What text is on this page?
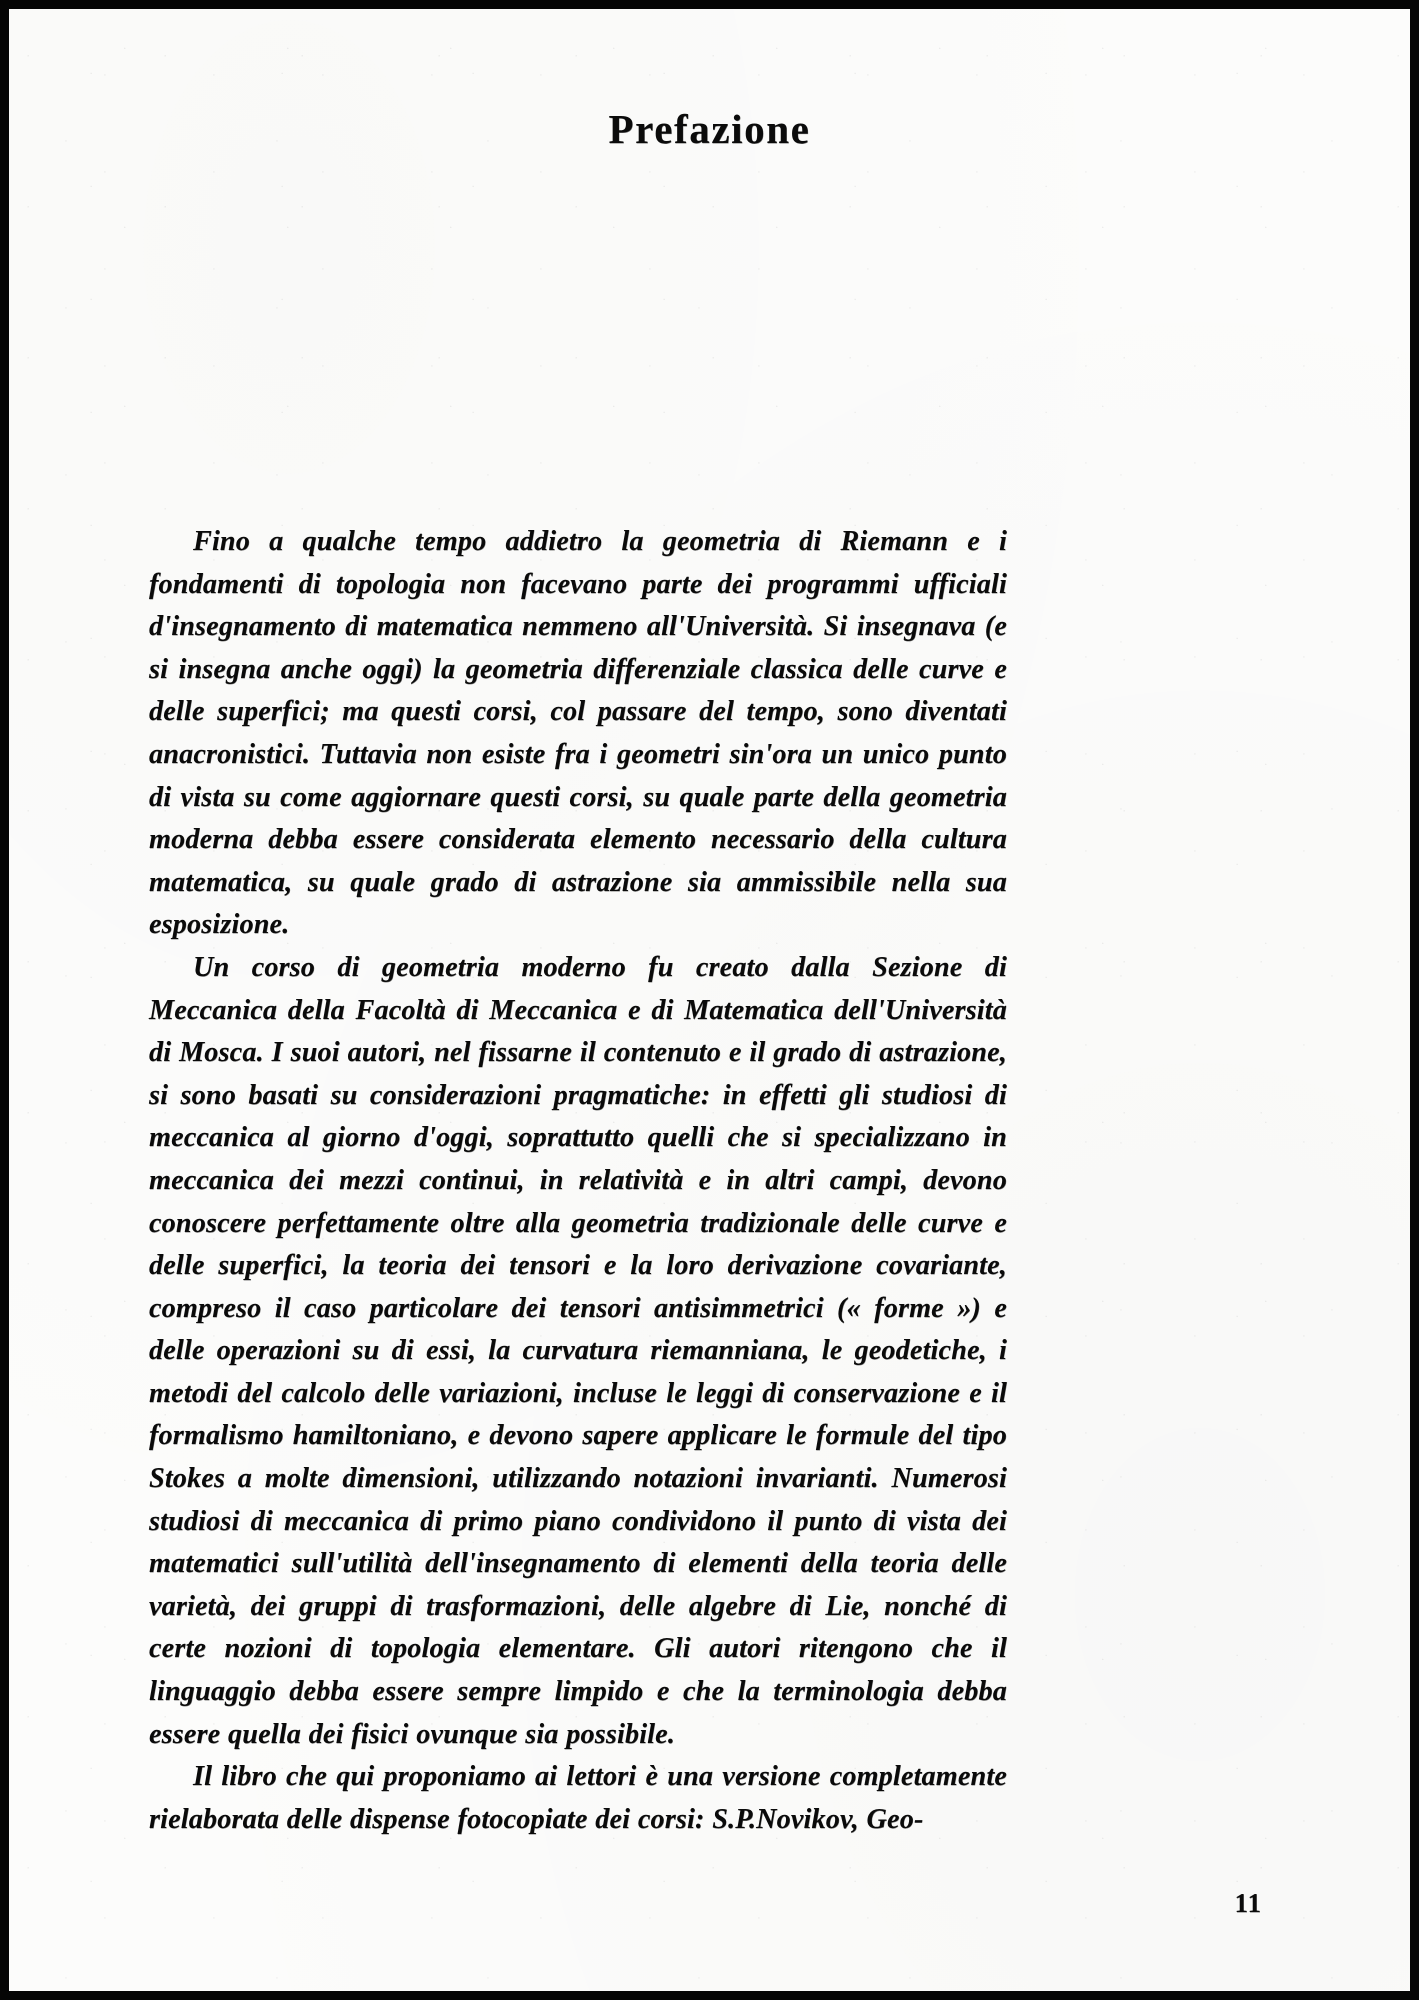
Prefazione

Fino a qualche tempo addietro la geometria di Riemann e i fondamenti di topologia non facevano parte dei programmi ufficiali d'insegnamento di matematica nemmeno all'Università. Si insegnava (e si insegna anche oggi) la geometria differenziale classica delle curve e delle superfici; ma questi corsi, col passare del tempo, sono diventati anacronistici. Tuttavia non esiste fra i geometri sin'ora un unico punto di vista su come aggiornare questi corsi, su quale parte della geometria moderna debba essere considerata elemento necessario della cultura matematica, su quale grado di astrazione sia ammissibile nella sua esposizione.

Un corso di geometria moderno fu creato dalla Sezione di Meccanica della Facoltà di Meccanica e di Matematica dell'Università di Mosca. I suoi autori, nel fissarne il contenuto e il grado di astrazione, si sono basati su considerazioni pragmatiche: in effetti gli studiosi di meccanica al giorno d'oggi, soprattutto quelli che si specializzano in meccanica dei mezzi continui, in relatività e in altri campi, devono conoscere perfettamente oltre alla geometria tradizionale delle curve e delle superfici, la teoria dei tensori e la loro derivazione covariante, compreso il caso particolare dei tensori antisimmetrici (« forme ») e delle operazioni su di essi, la curvatura riemanniana, le geodetiche, i metodi del calcolo delle variazioni, incluse le leggi di conservazione e il formalismo hamiltoniano, e devono sapere applicare le formule del tipo Stokes a molte dimensioni, utilizzando notazioni invarianti. Numerosi studiosi di meccanica di primo piano condividono il punto di vista dei matematici sull'utilità dell'insegnamento di elementi della teoria delle varietà, dei gruppi di trasformazioni, delle algebre di Lie, nonché di certe nozioni di topologia elementare. Gli autori ritengono che il linguaggio debba essere sempre limpido e che la terminologia debba essere quella dei fisici ovunque sia possibile.

Il libro che qui proponiamo ai lettori è una versione completamente rielaborata delle dispense fotocopiate dei corsi: S.P.Novikov, Geo-

11
